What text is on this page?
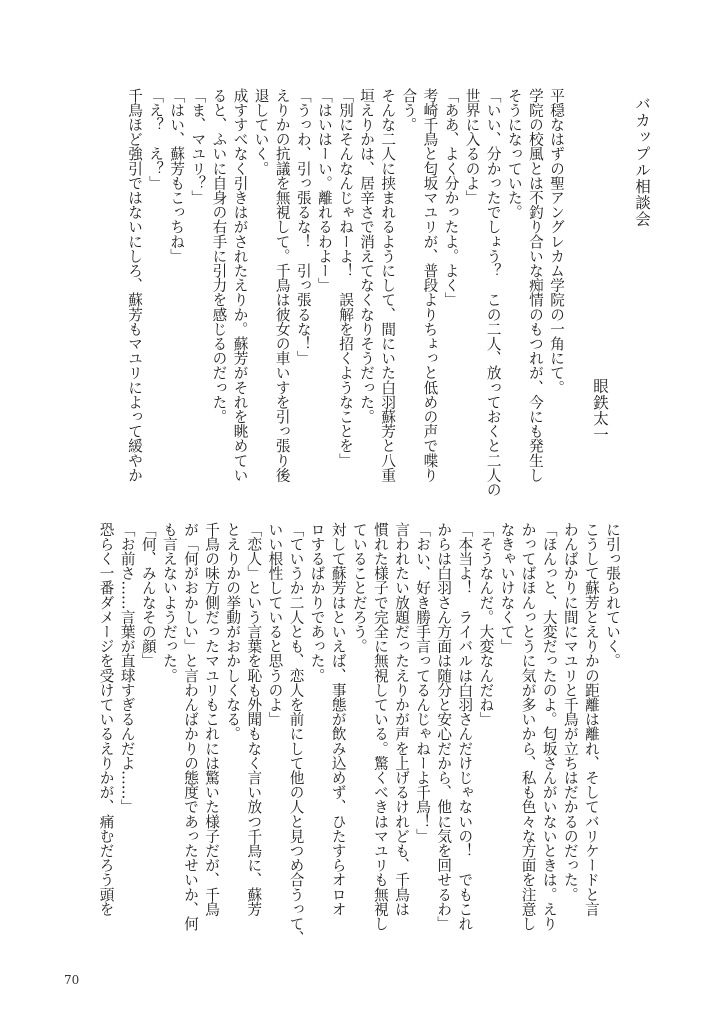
バカップル相談会
眼鉄太一
平穏なはずの聖アングレカム学院の一角にて。
学院の校風とは不釣り合いな痴情のもつれが、今にも発生し
そうになっていた。
「いい、分かったでしょう？　この二人、放っておくと二人の
世界に入るのよ」
「ああ、よく分かったよ。よく」
考崎千鳥と匂坂マユリが、普段よりちょっと低めの声で喋り
合う。
そんな二人に挟まれるようにして、間にいた白羽蘇芳と八重
垣えりかは、居辛さで消えてなくなりそうだった。
「別にそんなんじゃねーよ！　誤解を招くようなことを」
「はいはーい。離れるわよー」
「うっわ、引っ張るな！　引っ張るな！」
えりかの抗議を無視して。千鳥は彼女の車いすを引っ張り後
退していく。
成すすべなく引きはがされたえりか。蘇芳がそれを眺めてい
ると、ふいに自身の右手に引力を感じるのだった。
「ま、マユリ？」
「はい、蘇芳もこっちね」
「え？　え？」
千鳥ほど強引ではないにしろ、蘇芳もマユリによって緩やか
に引っ張られていく。
こうして蘇芳とえりかの距離は離れ、そしてバリケードと言
わんばかりに間にマユリと千鳥が立ちはだかるのだった。
「ほんっと、大変だったのよ。匂坂さんがいないときは。えり
かってばほんっとうに気が多いから、私も色々な方面を注意し
なきゃいけなくて」
「そうなんだ。大変なんだね」
「本当よ！　ライバルは白羽さんだけじゃないの！　でもこれ
からは白羽さん方面は随分と安心だから、他に気を回せるわ」
「おい、好き勝手言ってるんじゃねーよ千鳥！」
言われたい放題だったえりかが声を上げるけれども、千鳥は
慣れた様子で完全に無視している。驚くべきはマユリも無視し
ていることだろう。
対して蘇芳はといえば、事態が飲み込めず、ひたすらオロオ
ロするばかりであった。
「ていうか二人とも、恋人を前にして他の人と見つめ合うって、
いい根性していると思うのよ」
「恋人」という言葉を恥も外聞もなく言い放つ千鳥に、蘇芳
とえりかの挙動がおかしくなる。
千鳥の味方側だったマユリもこれには驚いた様子だが、千鳥
が「何がおかしい」と言わんばかりの態度であったせいか、何
も言えないようだった。
「何、みんなその顔」
「お前さ……言葉が直球すぎるんだよ……」
恐らく一番ダメージを受けているえりかが、痛むだろう頭を
70
